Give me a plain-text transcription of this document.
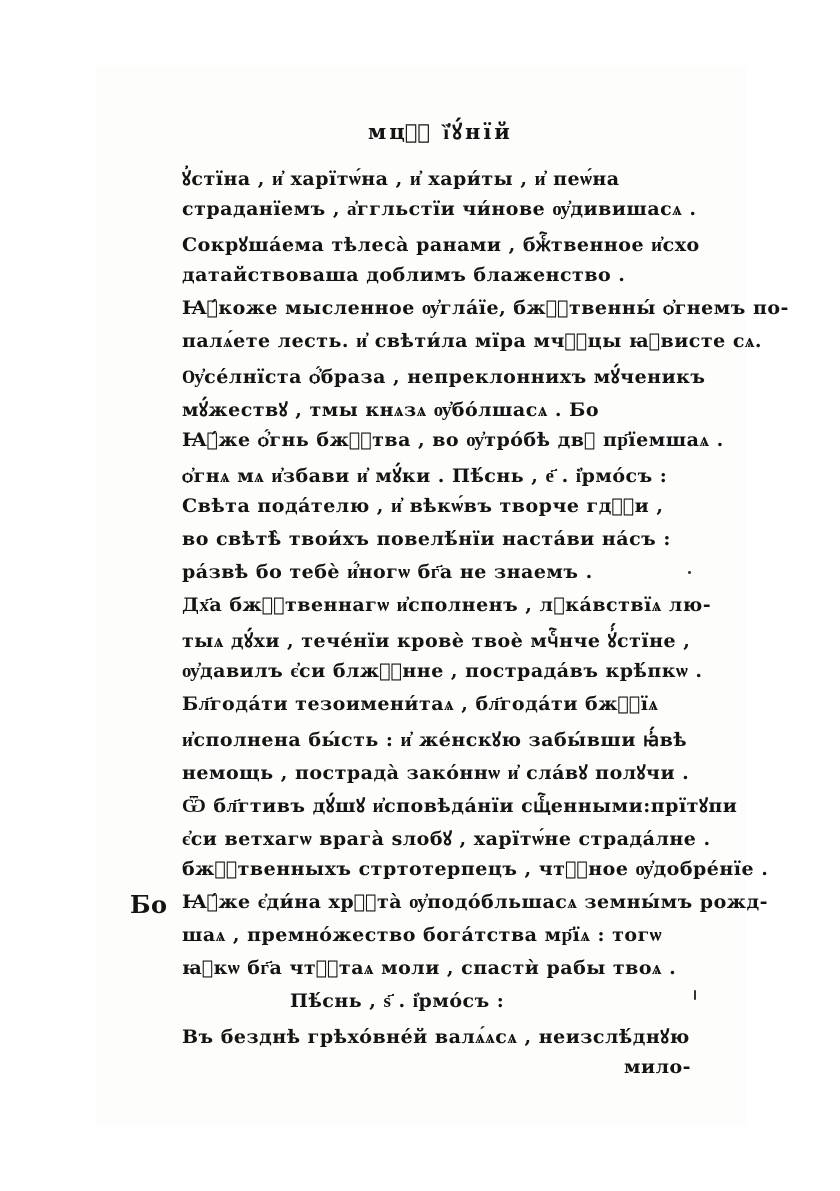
мцⷭ҇ ȉ҆ꙋ́нїй
Бо
ꙋ҆стїна , и҆ харїтѡ́на , и҆ хари́ты , и҆ пеѡ́на
страданїемъ , а҆ггльстїи чи́нове ѹ҆дивишасѧ .
Сокрꙋша́ема тѣлеса̀ ранами , бжⷭ҇твенное и҆схо
датайствоваша доблимъ блаженство .
Ꙗ҆́коже мысленное ѹ҆гла́їе, бжⷭ҇твенны́ ѻ҆гнемъ по-
палѧ́ете лесть. и҆ свѣти́ла мїра мчⷭ҇цы ꙗ҆висте сѧ.
Ѹ҆се́лнїста ѻ҆́браза , непреклоннихъ мꙋ́ченикъ
мꙋ́жествꙋ , тмы кнѧзѧ ѹ҆бо́лшасѧ . Бо
Ꙗ҆́же ѻ҆́гнь бжⷭ҇тва , во ѹ҆тро́бѣ двⷪ пр҃їемшаѧ .
ѻ҆гнѧ мѧ и҆збави и҆ мꙋ́ки . Пѣ́снь , е҃ . і҆рмо́съ :
Свѣта пода́телю , и҆ вѣкѡ́въ творче гдⷭ҇и ,
во свѣтѣ̀ твои́хъ повелѣ́нїи наста́ви на́съ :
ра́звѣ бо тебѐ и҆́ногѡ бг҃а не знаемъ .
Дх҃а бжⷭ҇твеннагѡ и҆сполненъ , лꙋка́вствїѧ лю-
тыѧ дꙋ́хи , тече́нїи кровѐ твоѐ мчⷭ҇нче ꙋ҆́стїне ,
ѹ҆давилъ є҆си блжⷭ҇нне , пострада́въ крѣ́пкѡ .
Бл҃года́ти тезоимени́таѧ , бл҃года́ти бжⷭ҇їѧ
и҆сполнена бы́сть : и҆ же́нскꙋю забы́вши ꙗ҆́вѣ
немощь , пострада̀ зако́ннѡ и҆ сла́вꙋ полꙋчи .
Ѿ бл҃гтивъ дꙋ́шꙋ и҆сповѣда́нїи сщⷭ҇енными:прїтꙋпи
є҆си ветхагѡ врага̀ ѕлобꙋ , харїтѡ́не страда́лне .
бжⷭ҇твенныхъ стртотерпецъ , чтⷭ҇ное ѹ҆добре́нїе .
Ꙗ҆́же є҆ди́на хрⷭ҇та̀ ѹ҆подо́бльшасѧ земны́мъ рожд-
шаѧ , премно́жество бога́тства мр҃їѧ : тогѡ
ꙗ҆кѡ бг҃а чтⷭ҇таѧ моли , спастѝ рабы твоѧ .
Пѣ́снь , ѕ҃ . і҆рмо́съ :
Въ безднѣ грѣхо́вне́й валѧ́ѧсѧ , неизслѣ́днꙋю
мило-
